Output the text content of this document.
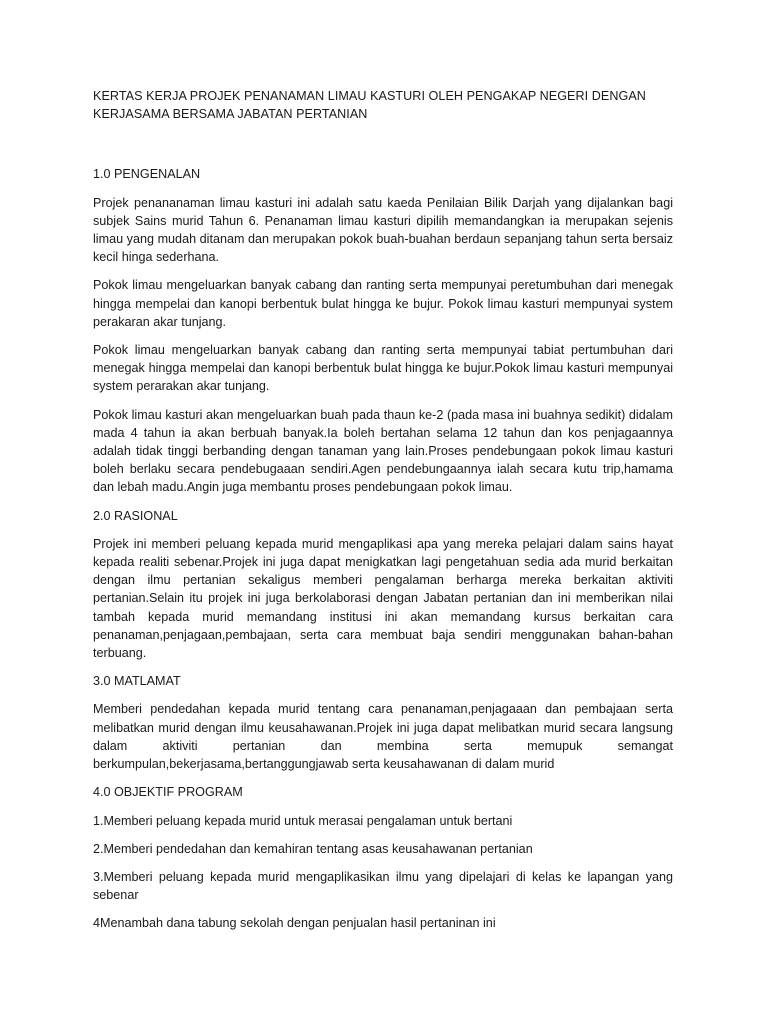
KERTAS KERJA PROJEK PENANAMAN LIMAU KASTURI OLEH PENGAKAP NEGERI DENGAN KERJASAMA BERSAMA JABATAN PERTANIAN

1.0 PENGENALAN

Projek penananaman limau kasturi ini adalah satu kaeda Penilaian Bilik Darjah yang dijalankan bagi subjek Sains murid Tahun 6. Penanaman limau kasturi dipilih memandangkan ia merupakan sejenis limau yang mudah ditanam dan merupakan pokok buah-buahan berdaun sepanjang tahun serta bersaiz kecil hinga sederhana.

Pokok limau mengeluarkan banyak cabang dan ranting serta mempunyai peretumbuhan dari menegak hingga mempelai dan kanopi berbentuk bulat hingga ke bujur. Pokok limau kasturi mempunyai system perakaran akar tunjang.

Pokok limau mengeluarkan banyak cabang dan ranting serta mempunyai tabiat pertumbuhan dari menegak hingga mempelai dan kanopi berbentuk bulat hingga ke bujur.Pokok limau kasturi mempunyai system perarakan akar tunjang.

Pokok limau kasturi akan mengeluarkan buah pada thaun ke-2 (pada masa ini buahnya sedikit) didalam mada 4 tahun ia akan berbuah banyak.Ia boleh bertahan selama 12 tahun dan kos penjagaannya adalah tidak tinggi berbanding dengan tanaman yang lain.Proses pendebungaan pokok limau kasturi boleh berlaku secara pendebugaaan sendiri.Agen pendebungaannya ialah secara kutu trip,hamama dan lebah madu.Angin juga membantu proses pendebungaan pokok limau.

2.0 RASIONAL

Projek ini memberi peluang kepada murid mengaplikasi apa yang mereka pelajari dalam sains hayat kepada realiti sebenar.Projek ini juga dapat menigkatkan lagi pengetahuan sedia ada murid berkaitan dengan ilmu pertanian sekaligus memberi pengalaman berharga mereka berkaitan aktiviti pertanian.Selain itu projek ini juga berkolaborasi dengan Jabatan pertanian dan ini memberikan nilai tambah kepada murid memandang institusi ini akan memandang kursus berkaitan cara penanaman,penjagaan,pembajaan, serta cara membuat baja sendiri menggunakan bahan-bahan terbuang.

3.0 MATLAMAT

Memberi pendedahan kepada murid tentang cara penanaman,penjagaaan dan pembajaan serta melibatkan murid dengan ilmu keusahawanan.Projek ini juga dapat melibatkan murid secara langsung dalam aktiviti pertanian dan membina serta memupuk semangat berkumpulan,bekerjasama,bertanggungjawab serta keusahawanan di dalam murid

4.0 OBJEKTIF PROGRAM

1.Memberi peluang kepada murid untuk merasai pengalaman untuk bertani

2.Memberi pendedahan dan kemahiran tentang asas keusahawanan pertanian

3.Memberi peluang kepada murid mengaplikasikan ilmu yang dipelajari di kelas ke lapangan yang sebenar

4Menambah dana tabung sekolah dengan penjualan hasil pertaninan ini
